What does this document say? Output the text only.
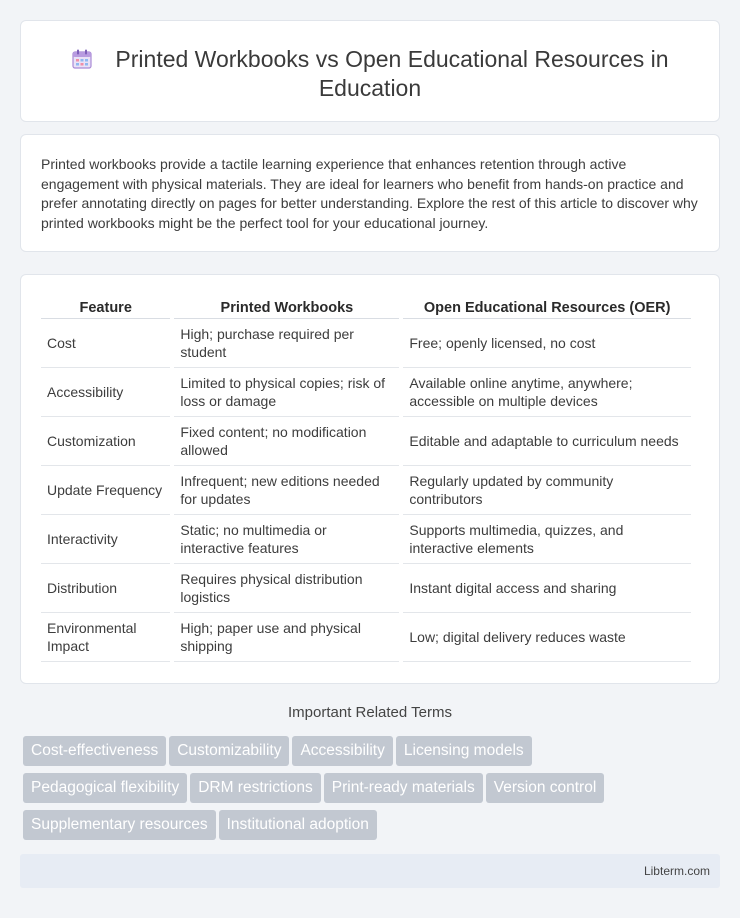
Printed Workbooks vs Open Educational Resources in
Education

Printed workbooks provide a tactile learning experience that enhances retention through active engagement with physical materials. They are ideal for learners who benefit from hands-on practice and prefer annotating directly on pages for better understanding. Explore the rest of this article to discover why printed workbooks might be the perfect tool for your educational journey.

Feature	Printed Workbooks	Open Educational Resources (OER)
Cost	High; purchase required per student	Free; openly licensed, no cost
Accessibility	Limited to physical copies; risk of loss or damage	Available online anytime, anywhere; accessible on multiple devices
Customization	Fixed content; no modification allowed	Editable and adaptable to curriculum needs
Update Frequency	Infrequent; new editions needed for updates	Regularly updated by community contributors
Interactivity	Static; no multimedia or interactive features	Supports multimedia, quizzes, and interactive elements
Distribution	Requires physical distribution logistics	Instant digital access and sharing
Environmental Impact	High; paper use and physical shipping	Low; digital delivery reduces waste
Important Related Terms
Cost-effectiveness Customizability Accessibility Licensing models
Pedagogical flexibility DRM restrictions Print-ready materials Version control
Supplementary resources Institutional adoption
Libterm.com
